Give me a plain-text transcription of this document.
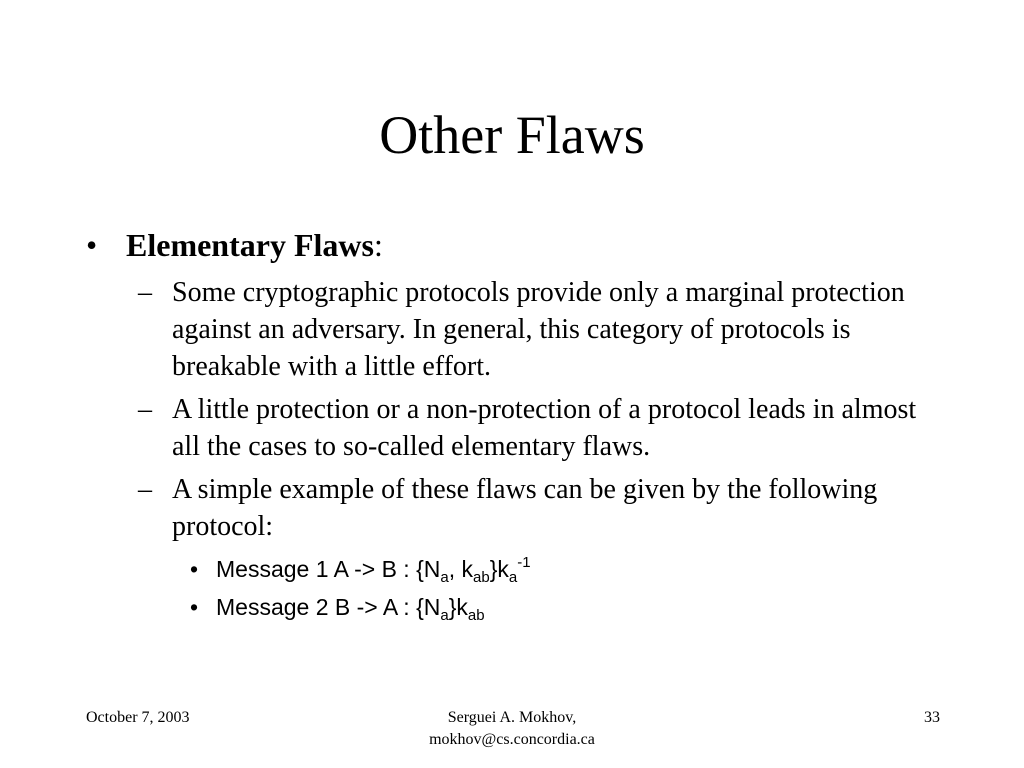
Other Flaws
• Elementary Flaws:
– Some cryptographic protocols provide only a marginal protection against an adversary. In general, this category of protocols is breakable with a little effort.
– A little protection or a non-protection of a protocol leads in almost all the cases to so-called elementary flaws.
– A simple example of these flaws can be given by the following protocol:
• Message 1 A -> B : {$N_a$, $k_{ab}\}k_a^{-1}$
• Message 2 B -> A : $\{N_a\}k_{ab}$
October 7, 2003	Serguei A. Mokhov,
mokhov@cs.concordia.ca
33
